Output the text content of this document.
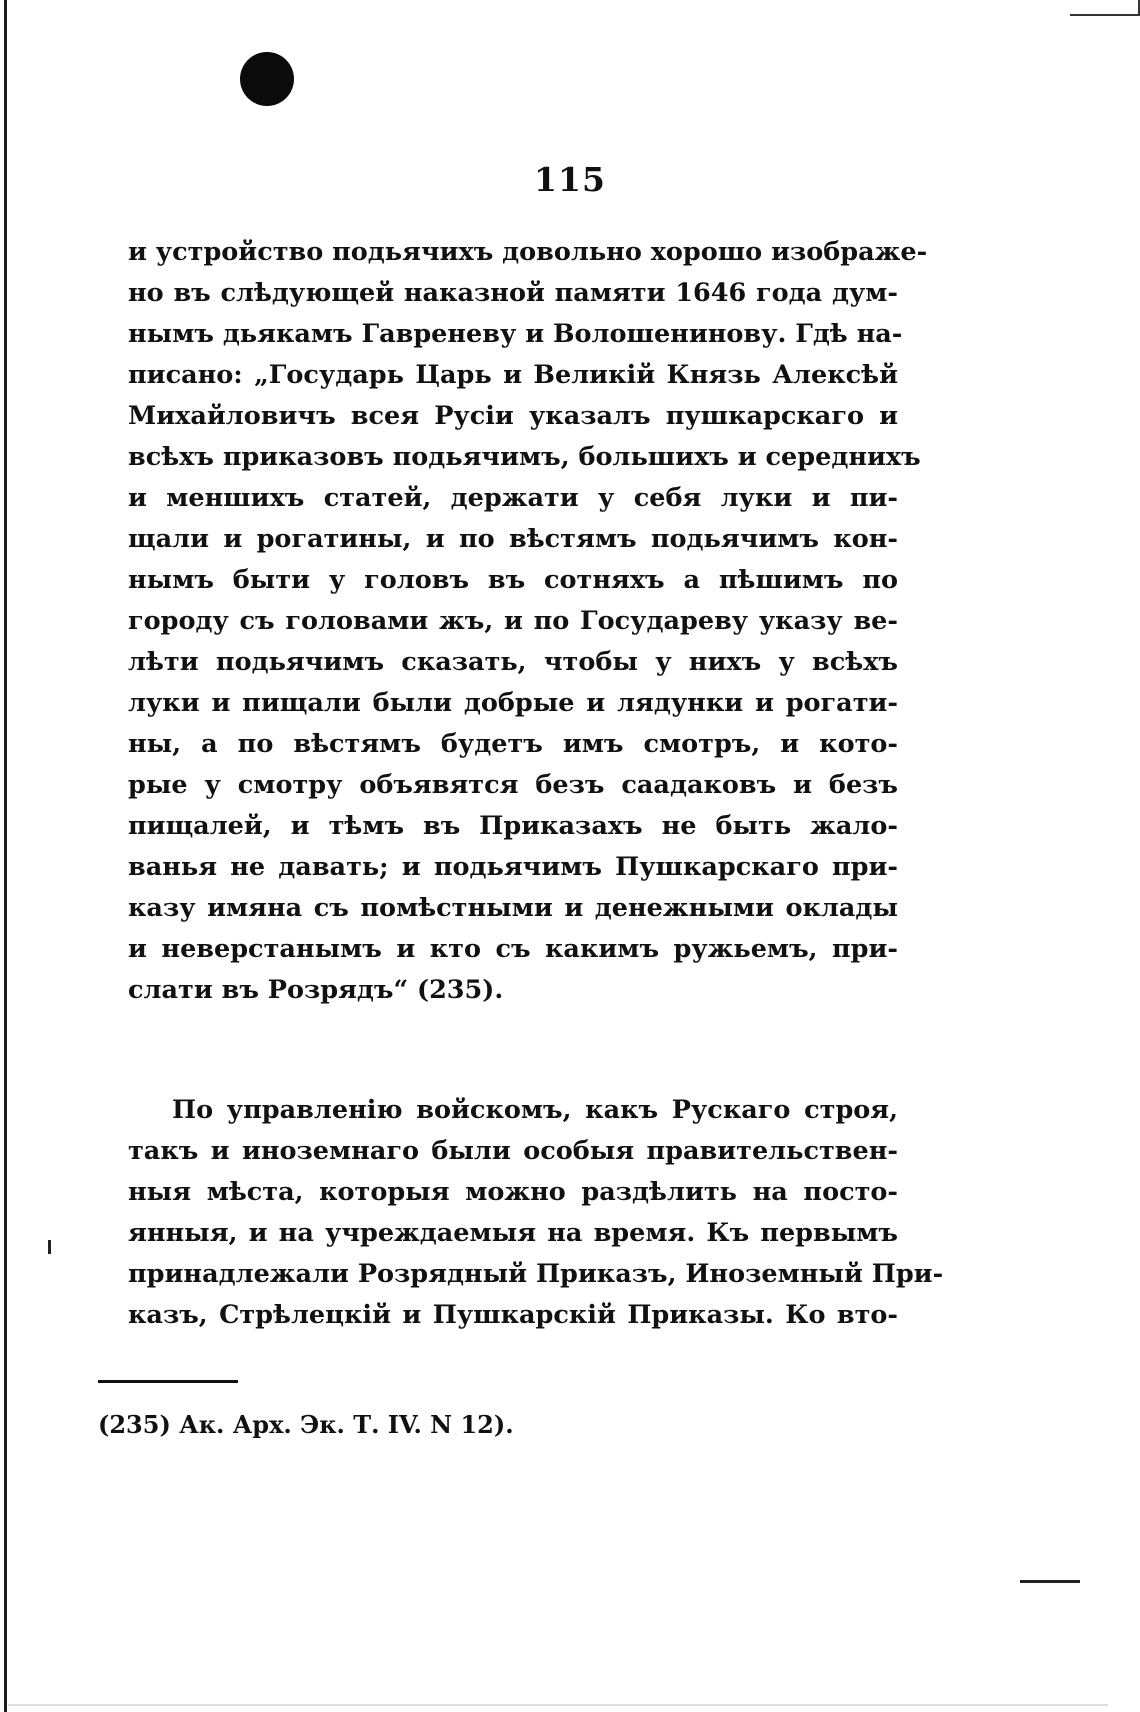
115
и устройство подьячихъ довольно хорошо изображе-
но въ слѣдующей наказной памяти 1646 года дум-
нымъ дьякамъ Гавреневу и Волошенинову. Гдѣ на-
писано: „Государь Царь и Великій Князь Алексѣй
Михайловичъ всея Русіи указалъ пушкарскаго и
всѣхъ приказовъ подьячимъ, большихъ и середнихъ
и меншихъ статей, держати у себя луки и пи-
щали и рогатины, и по вѣстямъ подьячимъ кон-
нымъ быти у головъ въ сотняхъ а пѣшимъ по
городу съ головами жъ, и по Государеву указу ве-
лѣти подьячимъ сказать, чтобы у нихъ у всѣхъ
луки и пищали были добрые и лядунки и рогати-
ны, а по вѣстямъ будетъ имъ смотръ, и кото-
рые у смотру объявятся безъ саадаковъ и безъ
пищалей, и тѣмъ въ Приказахъ не быть жало-
ванья не давать; и подьячимъ Пушкарскаго при-
казу имяна съ помѣстными и денежными оклады
и неверстанымъ и кто съ какимъ ружьемъ, при-
слати въ Розрядъ“ (235).
По управленію войскомъ, какъ Рускаго строя,
такъ и иноземнаго были особыя правительствен-
ныя мѣста, которыя можно раздѣлить на посто-
янныя, и на учреждаемыя на время. Къ первымъ
принадлежали Розрядный Приказъ, Иноземный При-
казъ, Стрѣлецкій и Пушкарскій Приказы. Ко вто-
(235) Ак. Арх. Эк. Т. IV. N 12).
